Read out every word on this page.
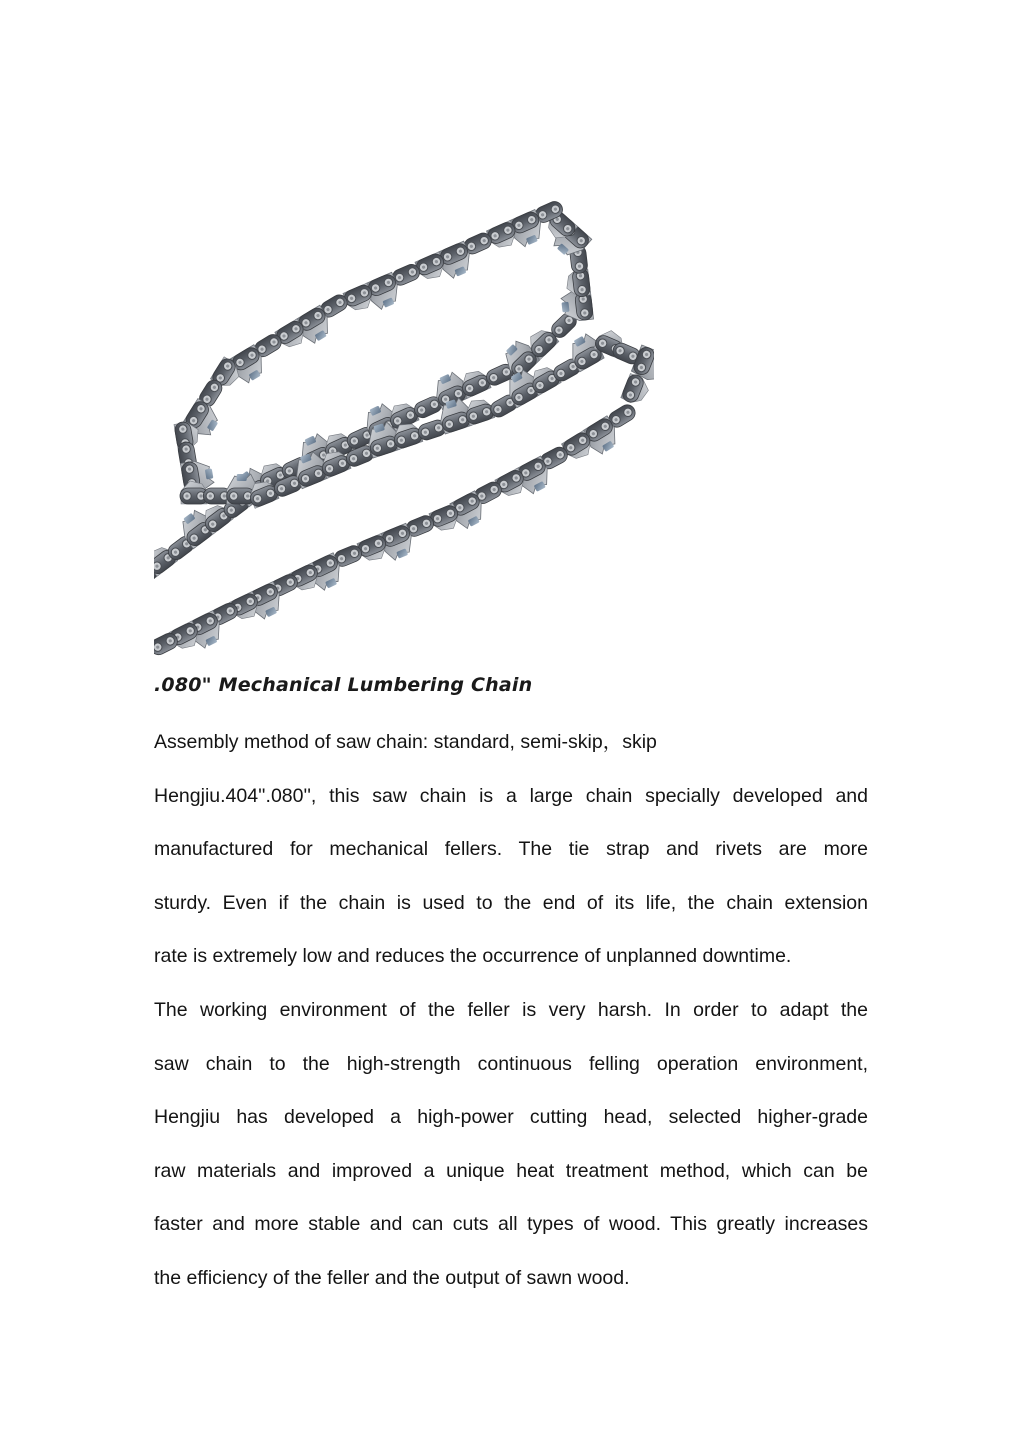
.080" Mechanical Lumbering Chain
Assembly method of saw chain: standard, semi-skip，skip
Hengjiu.404''.080'', this saw chain is a large chain specially developed and
manufactured for mechanical fellers. The tie strap and rivets are more
sturdy. Even if the chain is used to the end of its life, the chain extension
rate is extremely low and reduces the occurrence of unplanned downtime.
The working environment of the feller is very harsh. In order to adapt the
saw chain to the high-strength continuous felling operation environment,
Hengjiu has developed a high-power cutting head, selected higher-grade
raw materials and improved a unique heat treatment method, which can be
faster and more stable and can cuts all types of wood. This greatly increases
the efficiency of the feller and the output of sawn wood.
